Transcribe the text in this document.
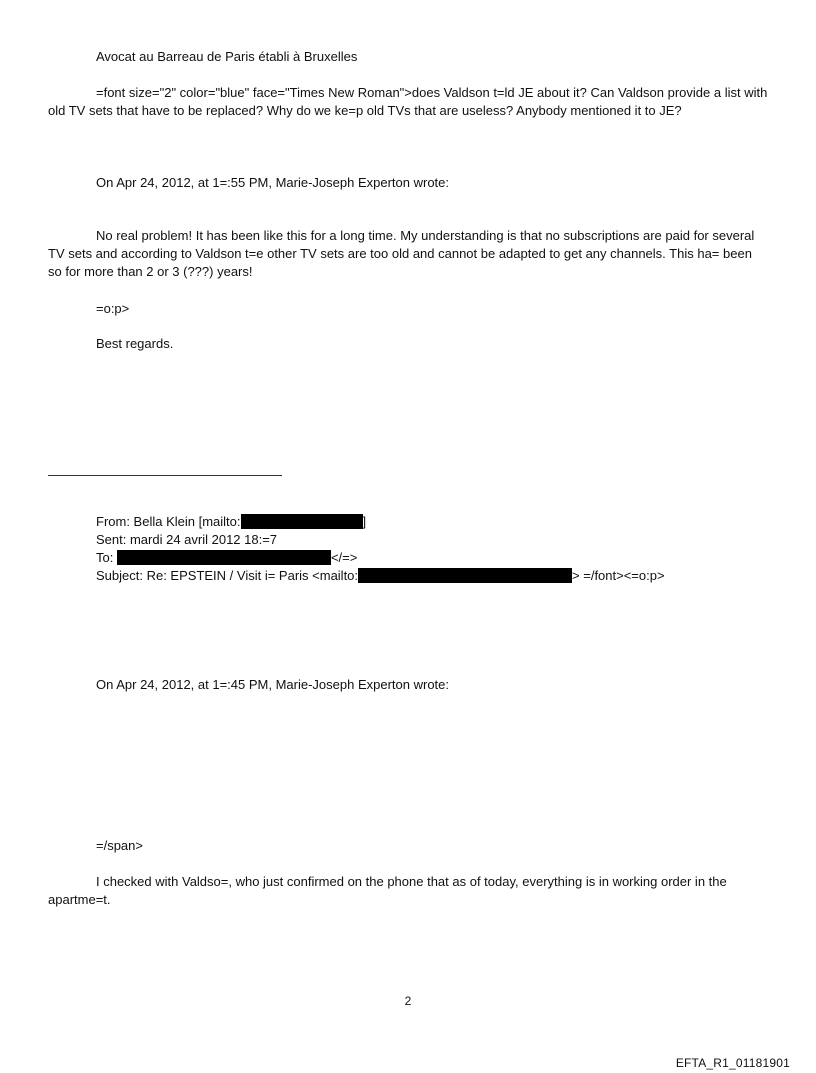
Avocat au Barreau de Paris établi à Bruxelles
=font size="2" color="blue" face="Times New Roman">does Valdson t=ld JE about it? Can Valdson provide a list with old TV sets that have to be replaced? Why do we ke=p old TVs that are useless? Anybody mentioned it to JE?
On Apr 24, 2012, at 1=:55 PM, Marie-Joseph Experton wrote:
No real problem! It has been like this for a long time. My understanding is that no subscriptions are paid for several TV sets and according to Valdson t=e other TV sets are too old and cannot be adapted to get any channels. This ha= been so for more than 2 or 3 (???) years!
=o:p>
Best regards.
From: Bella Klein [mailto:	]
Sent: mardi 24 avril 2012 18:=7
To:	</=>
Subject: Re: EPSTEIN / Visit i= Paris <mailto:	> =/font><=o:p>
On Apr 24, 2012, at 1=:45 PM, Marie-Joseph Experton wrote:
=/span>
I checked with Valdso=, who just confirmed on the phone that as of today, everything is in working order in the apartme=t.
2
EFTA_R1_01181901
